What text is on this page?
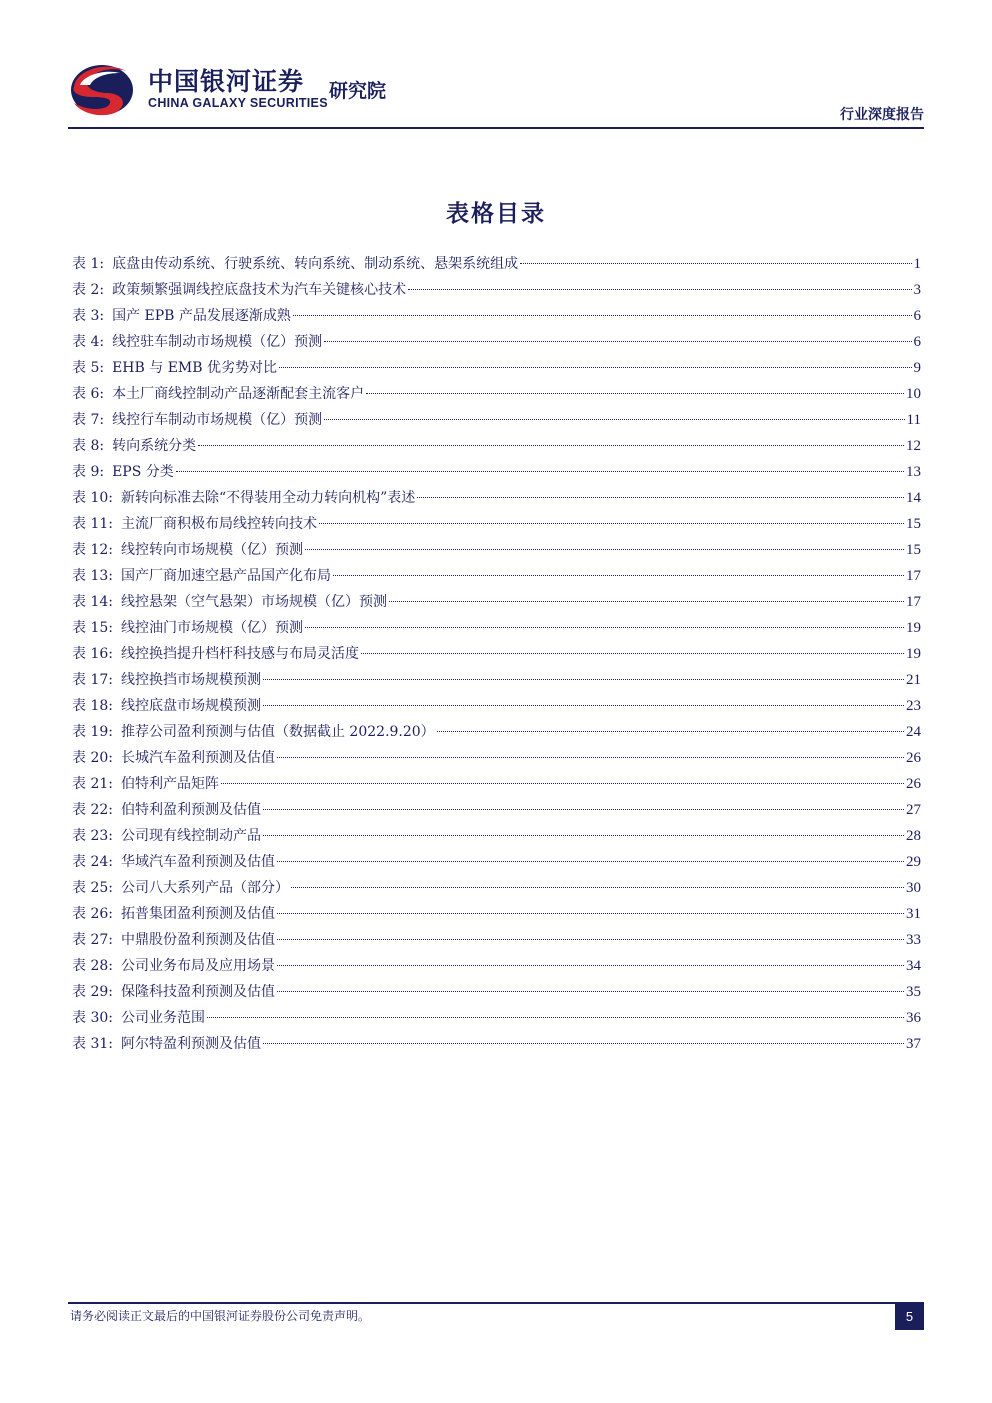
中国银河证券
CHINA GALAXY SECURITIES
研究院
行业深度报告
表格目录
表 1: 底盘由传动系统、行驶系统、转向系统、制动系统、悬架系统组成	1
表 2: 政策频繁强调线控底盘技术为汽车关键核心技术	3
表 3: 国产 EPB 产品发展逐渐成熟	6
表 4: 线控驻车制动市场规模（亿）预测	6
表 5: EHB 与 EMB 优劣势对比	9
表 6: 本土厂商线控制动产品逐渐配套主流客户	10
表 7: 线控行车制动市场规模（亿）预测	11
表 8: 转向系统分类	12
表 9: EPS 分类	13
表 10: 新转向标准去除“不得装用全动力转向机构”表述	14
表 11: 主流厂商积极布局线控转向技术	15
表 12: 线控转向市场规模（亿）预测	15
表 13: 国产厂商加速空悬产品国产化布局	17
表 14: 线控悬架（空气悬架）市场规模（亿）预测	17
表 15: 线控油门市场规模（亿）预测	19
表 16: 线控换挡提升档杆科技感与布局灵活度	19
表 17: 线控换挡市场规模预测	21
表 18: 线控底盘市场规模预测	23
表 19: 推荐公司盈利预测与估值（数据截止 2022.9.20）	24
表 20: 长城汽车盈利预测及估值	26
表 21: 伯特利产品矩阵	26
表 22: 伯特利盈利预测及估值	27
表 23: 公司现有线控制动产品	28
表 24: 华域汽车盈利预测及估值	29
表 25: 公司八大系列产品（部分）	30
表 26: 拓普集团盈利预测及估值	31
表 27: 中鼎股份盈利预测及估值	33
表 28: 公司业务布局及应用场景	34
表 29: 保隆科技盈利预测及估值	35
表 30: 公司业务范围	36
表 31: 阿尔特盈利预测及估值	37
请务必阅读正文最后的中国银河证券股份公司免责声明。	5
